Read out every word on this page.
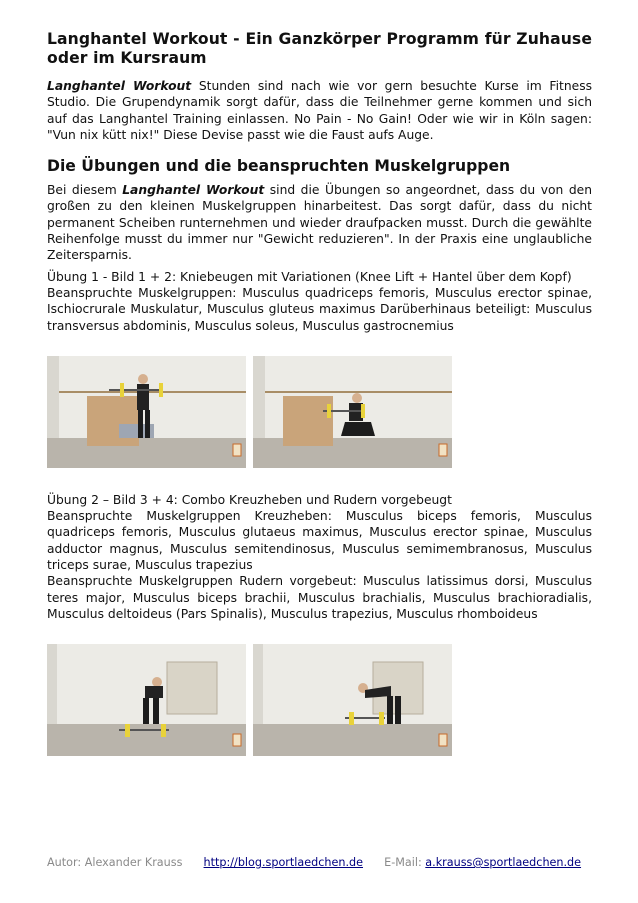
Langhantel Workout - Ein Ganzkörper Programm für Zuhause oder im Kursraum

Langhantel Workout Stunden sind nach wie vor gern besuchte Kurse im Fitness Studio. Die Grupendynamik sorgt dafür, dass die Teilnehmer gerne kommen und sich auf das Langhantel Training einlassen. No Pain - No Gain! Oder wie wir in Köln sagen: "Vun nix kütt nix!" Diese Devise passt wie die Faust aufs Auge.

Die Übungen und die beanspruchten Muskelgruppen

Bei diesem Langhantel Workout sind die Übungen so angeordnet, dass du von den großen zu den kleinen Muskelgruppen hinarbeitest. Das sorgt dafür, dass du nicht permanent Scheiben runternehmen und wieder draufpacken musst. Durch die gewählte Reihenfolge musst du immer nur "Gewicht reduzieren". In der Praxis eine unglaubliche Zeitersparnis.

Übung 1 - Bild 1 + 2: Kniebeugen mit Variationen (Knee Lift + Hantel über dem Kopf)

Beanspruchte Muskelgruppen: Musculus quadriceps femoris, Musculus erector spinae, Ischiocrurale Muskulatur, Musculus gluteus maximus Darüberhinaus beteiligt: Musculus transversus abdominis, Musculus soleus, Musculus gastrocnemius

Übung 2 – Bild 3 + 4: Combo Kreuzheben und Rudern vorgebeugt

Beanspruchte Muskelgruppen Kreuzheben: Musculus biceps femoris, Musculus quadriceps femoris, Musculus glutaeus maximus, Musculus erector spinae, Musculus adductor magnus, Musculus semitendinosus, Musculus semimembranosus, Musculus triceps surae, Musculus trapezius

Beanspruchte Muskelgruppen Rudern vorgebeut: Musculus latissimus dorsi, Musculus teres major, Musculus biceps brachii, Musculus brachialis, Musculus brachioradialis, Musculus deltoideus (Pars Spinalis), Musculus trapezius, Musculus rhomboideus

Autor: Alexander Krauss http://blog.sportlaedchen.de E-Mail: a.krauss@sportlaedchen.de
